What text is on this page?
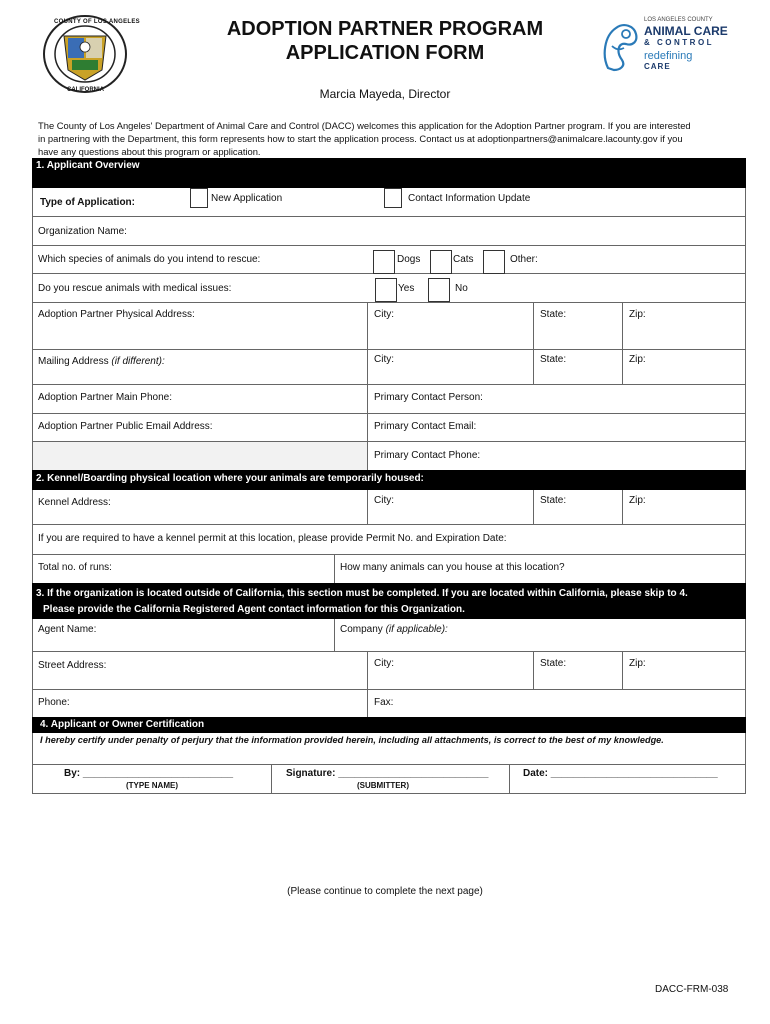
COUNTY OF LOS ANGELES
CALIFORNIA
ADOPTION PARTNER PROGRAM
APPLICATION FORM
Marcia Mayeda, Director
LOS ANGELES COUNTY
ANIMAL CARE
& CONTROL
redefining
CARE
The County of Los Angeles' Department of Animal Care and Control (DACC) welcomes this application for the Adoption Partner program. If you are interested
in partnering with the Department, this form represents how to start the application process. Contact us at adoptionpartners@animalcare.lacounty.gov if you
have any questions about this program or application.
1. Applicant Overview
Type of Application:	New Application	Contact Information Update
Organization Name:
Which species of animals do you intend to rescue:	Dogs	Cats	Other:
Do you rescue animals with medical issues:	Yes	No
Adoption Partner Physical Address:	City:	State:	Zip:
Mailing Address (if different):	City:	State:	Zip:
Adoption Partner Main Phone:	Primary Contact Person:
Adoption Partner Public Email Address:	Primary Contact Email:
Primary Contact Phone:
2. Kennel/Boarding physical location where your animals are temporarily housed:
Kennel Address:	City:	State:	Zip:
If you are required to have a kennel permit at this location, please provide Permit No. and Expiration Date:
Total no. of runs:	How many animals can you house at this location?
3. If the organization is located outside of California, this section must be completed. If you are located within California, please skip to 4.
Please provide the California Registered Agent contact information for this Organization.
Agent Name:	Company (if applicable):
Street Address:	City:	State:	Zip:
Phone:	Fax:
4. Applicant or Owner Certification
I hereby certify under penalty of perjury that the information provided herein, including all attachments, is correct to the best of my knowledge.
By: ___________________________
(TYPE NAME)
Signature: ___________________________
(SUBMITTER)
Date: ______________________________
(Please continue to complete the next page)
DACC-FRM-038
